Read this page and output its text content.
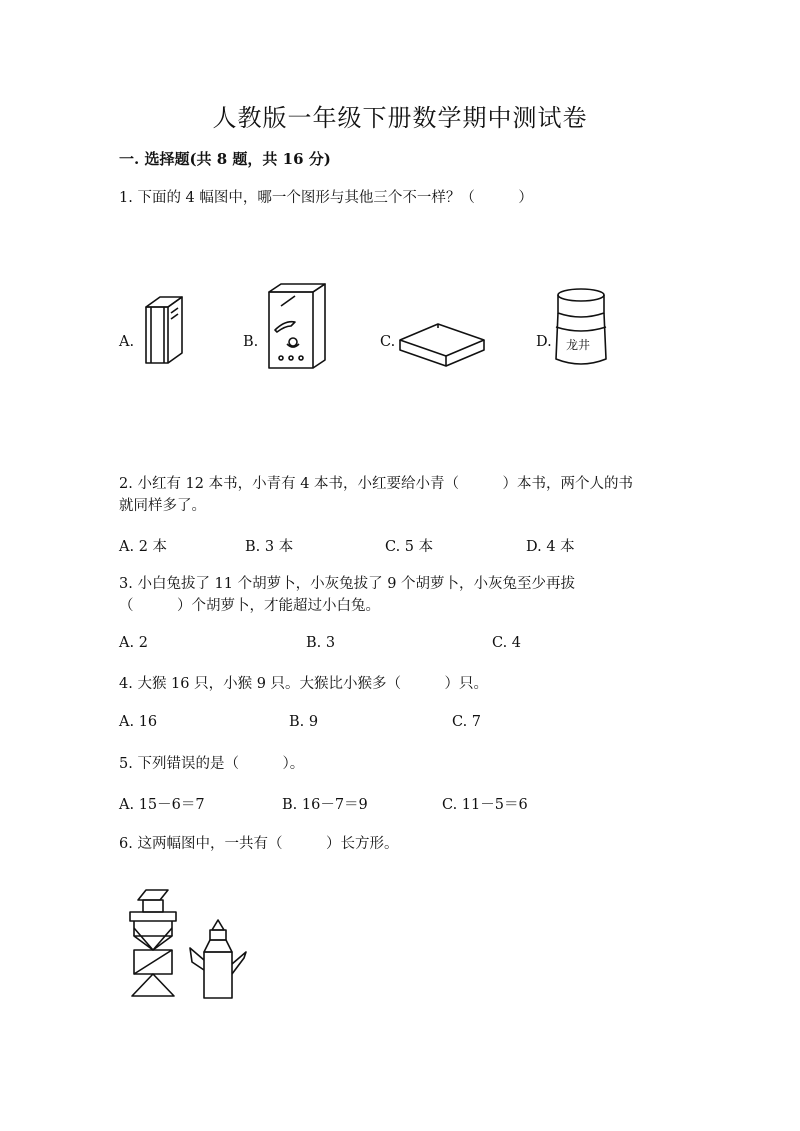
人教版一年级下册数学期中测试卷
一. 选择题(共 8 题，共 16 分)
1. 下面的 4 幅图中，哪一个图形与其他三个不一样？（　　　）
A.	B.	C.	D. 龙井
2. 小红有 12 本书，小青有 4 本书，小红要给小青（　　　）本书，两个人的书
就同样多了。
A. 2 本	B. 3 本	C. 5 本	D. 4 本
3. 小白兔拔了 11 个胡萝卜，小灰兔拔了 9 个胡萝卜，小灰兔至少再拔
（　　　）个胡萝卜，才能超过小白兔。
A. 2	B. 3	C. 4
4. 大猴 16 只，小猴 9 只。大猴比小猴多（　　　）只。
A. 16	B. 9	C. 7
5. 下列错误的是（　　　）。
A. 15－6＝7	B. 16－7＝9	C. 11－5＝6
6. 这两幅图中，一共有（　　　）长方形。
